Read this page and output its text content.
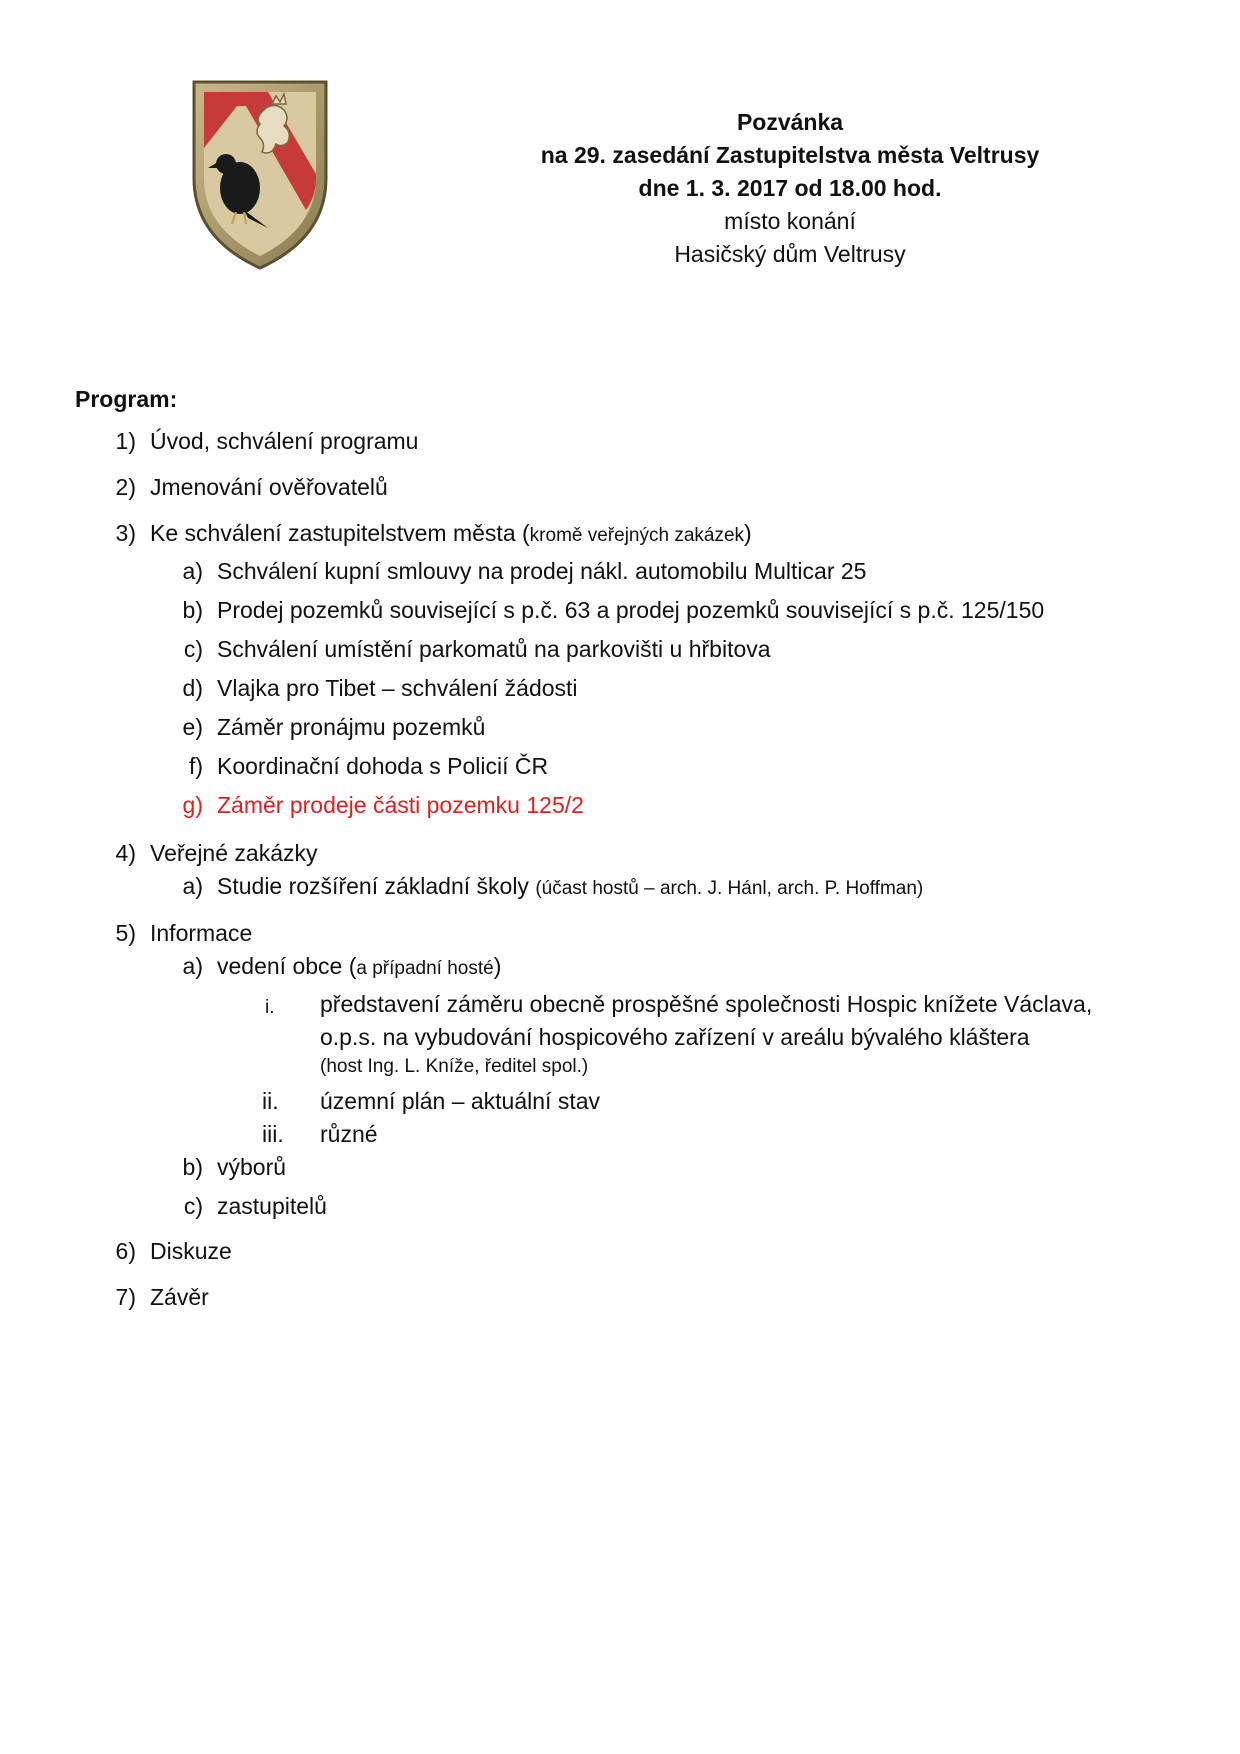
Pozvánka
na 29. zasedání Zastupitelstva města Veltrusy
dne 1. 3. 2017 od 18.00 hod.
místo konání
Hasičský dům Veltrusy
Program:
1) Úvod, schválení programu
2) Jmenování ověřovatelů
3) Ke schválení zastupitelstvem města (kromě veřejných zakázek)
a) Schválení kupní smlouvy na prodej nákl. automobilu Multicar 25
b) Prodej pozemků související s p.č. 63 a prodej pozemků související s p.č. 125/150
c) Schválení umístění parkomatů na parkovišti u hřbitova
d) Vlajka pro Tibet – schválení žádosti
e) Záměr pronájmu pozemků
f) Koordinační dohoda s Policií ČR
g) Záměr prodeje části pozemku 125/2
4) Veřejné zakázky
a) Studie rozšíření základní školy (účast hostů – arch. J. Hánl, arch. P. Hoffman)
5) Informace
a) vedení obce (a případní hosté)
i. představení záměru obecně prospěšné společnosti Hospic knížete Václava,
o.p.s. na vybudování hospicového zařízení v areálu bývalého kláštera
(host Ing. L. Kníže, ředitel spol.)
ii. územní plán – aktuální stav
iii. různé
b) výborů
c) zastupitelů
6) Diskuze
7) Závěr
